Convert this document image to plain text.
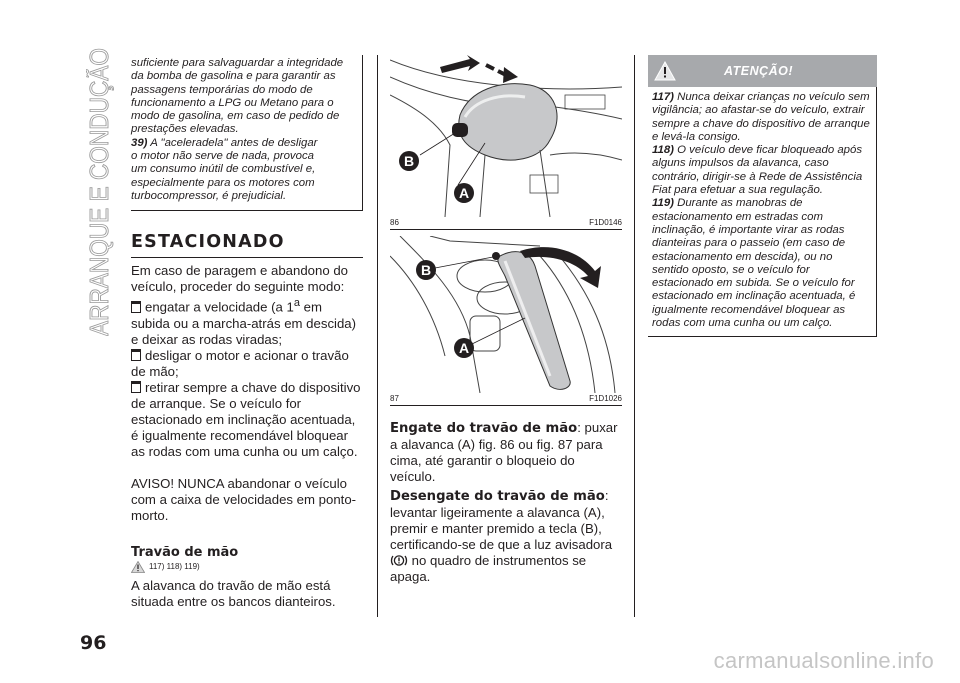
ARRANQUE E CONDUÇÃO
96

suficiente para salvaguardar a integridade

da bomba de gasolina e para garantir as

passagens temporárias do modo de

funcionamento a LPG ou Metano para o

modo de gasolina, em caso de pedido de

prestações elevadas.

39) A "aceleradela" antes de desligar

o motor não serve de nada, provoca

um consumo inútil de combustível e,

especialmente para os motores com

turbocompressor, é prejudicial.

ESTACIONADO

Em caso de paragem e abandono do veículo, proceder do seguinte modo:

engatar a velocidade (a 1$^a$ em subida ou a marcha-atrás em descida) e deixar as rodas viradas;

desligar o motor e acionar o travão de mão;

retirar sempre a chave do dispositivo de arranque. Se o veículo for estacionado em inclinação acentuada, é igualmente recomendável bloquear as rodas com uma cunha ou um calço.

AVISO! NUNCA abandonar o veículo com a caixa de velocidades em ponto-morto.

Travão de mão
117) 118) 119)

A alavanca do travão de mão está situada entre os bancos dianteiros.

B
A
86	F1D0146
B
A
87	F1D1026

Engate do travão de mão: puxar a alavanca (A) fig. 86 ou fig. 87 para cima, até garantir o bloqueio do veículo.

Desengate do travão de mão: levantar ligeiramente a alavanca (A), premir e manter premido a tecla (B), certificando-se de que a luz avisadora  no quadro de instrumentos se apaga.

ATENÇÃO!

117) Nunca deixar crianças no veículo sem vigilância; ao afastar-se do veículo, extrair sempre a chave do dispositivo de arranque e levá-la consigo.

118) O veículo deve ficar bloqueado após alguns impulsos da alavanca, caso contrário, dirigir-se à Rede de Assistência Fiat para efetuar a sua regulação.

119) Durante as manobras de estacionamento em estradas com inclinação, é importante virar as rodas dianteiras para o passeio (em caso de estacionamento em descida), ou no sentido oposto, se o veículo for estacionado em subida. Se o veículo for estacionado em inclinação acentuada, é igualmente recomendável bloquear as rodas com uma cunha ou um calço.

carmanualsonline.info
